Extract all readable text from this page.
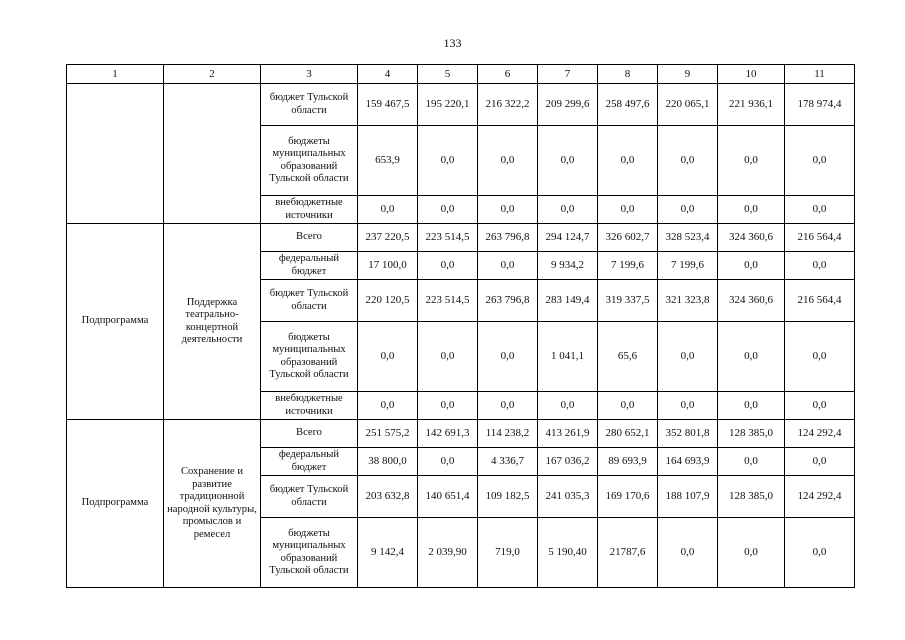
133
1	2	3	4	5	6	7	8	9	10	11
		бюджет Тульской области	159 467,5	195 220,1	216 322,2	209 299,6	258 497,6	220 065,1	221 936,1	178 974,4
		бюджеты муниципальных образований Тульской области	653,9	0,0	0,0	0,0	0,0	0,0	0,0	0,0
		внебюджетные источники	0,0	0,0	0,0	0,0	0,0	0,0	0,0	0,0
Подпрограмма	Поддержка театрально-концертной деятельности	Всего	237 220,5	223 514,5	263 796,8	294 124,7	326 602,7	328 523,4	324 360,6	216 564,4
		федеральный бюджет	17 100,0	0,0	0,0	9 934,2	7 199,6	7 199,6	0,0	0,0
		бюджет Тульской области	220 120,5	223 514,5	263 796,8	283 149,4	319 337,5	321 323,8	324 360,6	216 564,4
		бюджеты муниципальных образований Тульской области	0,0	0,0	0,0	1 041,1	65,6	0,0	0,0	0,0
		внебюджетные источники	0,0	0,0	0,0	0,0	0,0	0,0	0,0	0,0
Подпрограмма	Сохранение и развитие традиционной народной культуры, промыслов и ремесел	Всего	251 575,2	142 691,3	114 238,2	413 261,9	280 652,1	352 801,8	128 385,0	124 292,4
		федеральный бюджет	38 800,0	0,0	4 336,7	167 036,2	89 693,9	164 693,9	0,0	0,0
		бюджет Тульской области	203 632,8	140 651,4	109 182,5	241 035,3	169 170,6	188 107,9	128 385,0	124 292,4
		бюджеты муниципальных образований Тульской области	9 142,4	2 039,90	719,0	5 190,40	21787,6	0,0	0,0	0,0
